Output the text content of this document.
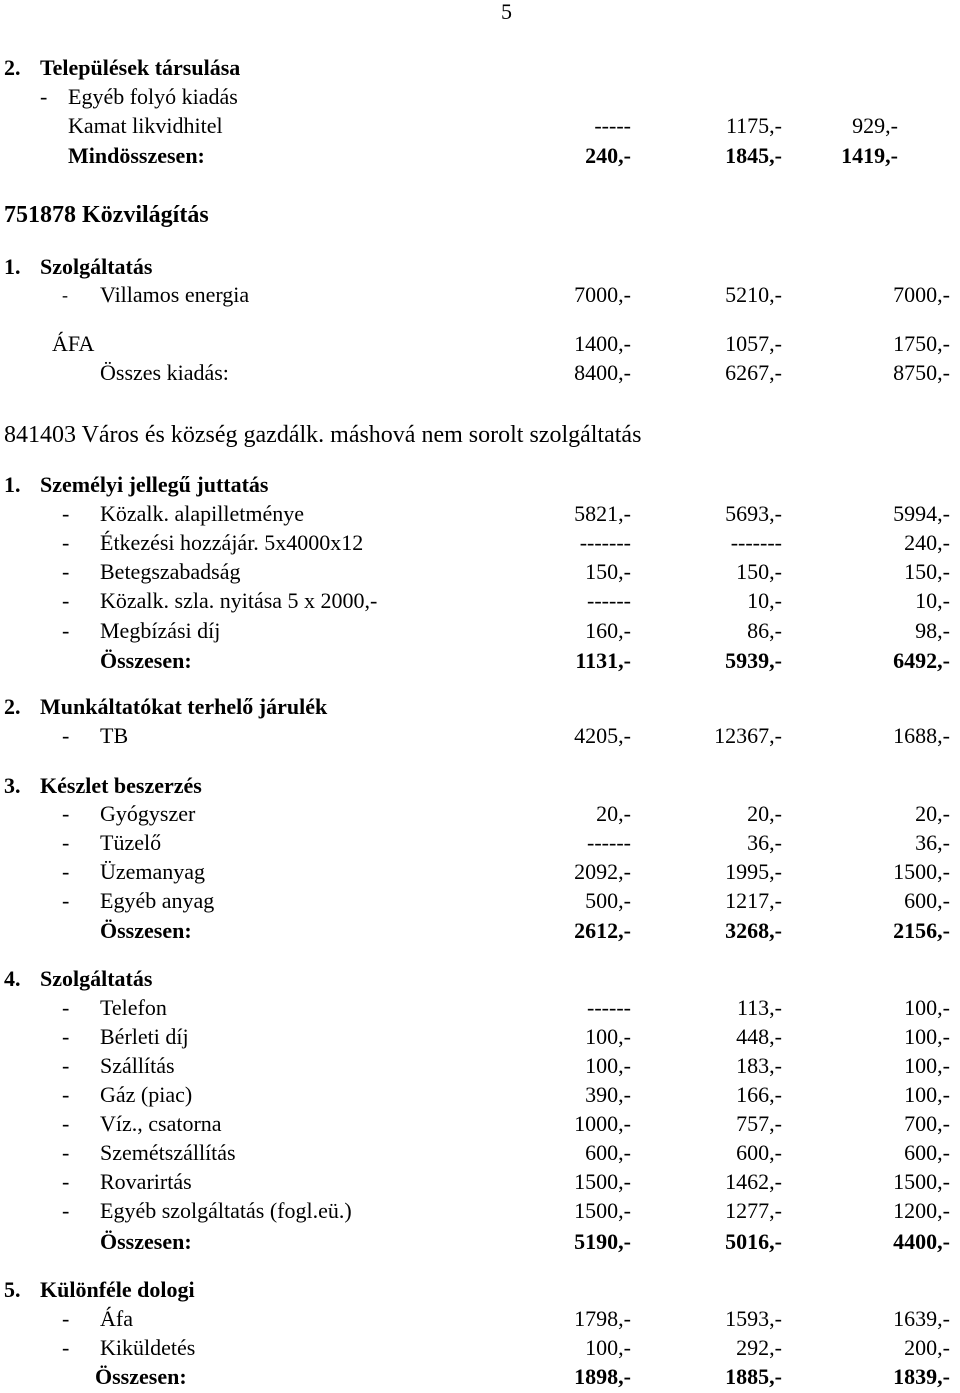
5
2. Települések társulása
- Egyéb folyó kiadás
Kamat likvidhitel	-----	1175,-	929,-
Mindösszesen:	240,-	1845,-	1419,-
751878 Közvilágítás
1. Szolgáltatás
- Villamos energia	7000,-	5210,-	7000,-
ÁFA	1400,-	1057,-	1750,-
Összes kiadás:	8400,-	6267,-	8750,-
841403 Város és község gazdálk. máshová nem sorolt szolgáltatás
1. Személyi jellegű juttatás
- Közalk. alapilletménye	5821,-	5693,-	5994,-
- Étkezési hozzájár. 5x4000x12	-------	-------	240,-
- Betegszabadság	150,-	150,-	150,-
- Közalk. szla. nyitása 5 x 2000,-	------	10,-	10,-
- Megbízási díj	160,-	86,-	98,-
Összesen:	1131,-	5939,-	6492,-
2. Munkáltatókat terhelő járulék
- TB	4205,-	12367,-	1688,-
3. Készlet beszerzés
- Gyógyszer	20,-	20,-	20,-
- Tüzelő	------	36,-	36,-
- Üzemanyag	2092,-	1995,-	1500,-
- Egyéb anyag	500,-	1217,-	600,-
Összesen:	2612,-	3268,-	2156,-
4. Szolgáltatás
- Telefon	------	113,-	100,-
- Bérleti díj	100,-	448,-	100,-
- Szállítás	100,-	183,-	100,-
- Gáz (piac)	390,-	166,-	100,-
- Víz., csatorna	1000,-	757,-	700,-
- Szemétszállítás	600,-	600,-	600,-
- Rovarirtás	1500,-	1462,-	1500,-
- Egyéb szolgáltatás (fogl.eü.)	1500,-	1277,-	1200,-
Összesen:	5190,-	5016,-	4400,-
5. Különféle dologi
- Áfa	1798,-	1593,-	1639,-
- Kiküldetés	100,-	292,-	200,-
Összesen:	1898,-	1885,-	1839,-
